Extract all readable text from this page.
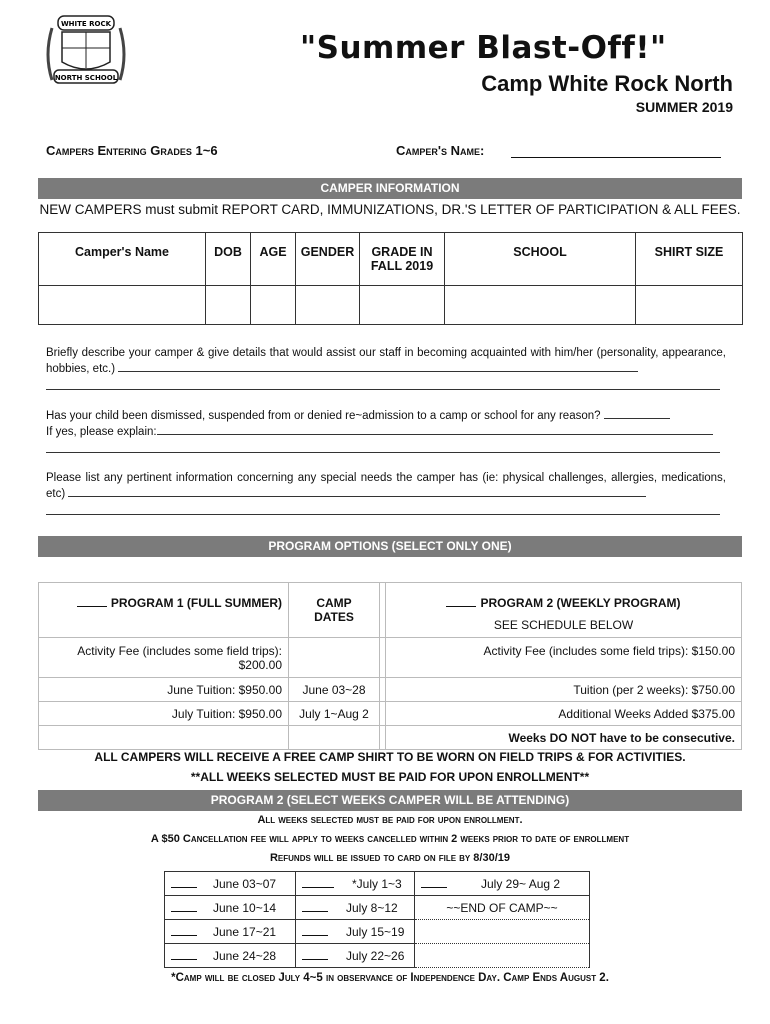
WHITE ROCK
NORTH SCHOOL
"Summer Blast-Off!"
Camp White Rock North
SUMMER 2019
Campers Entering Grades 1~6	Camper's Name:
CAMPER INFORMATION
NEW CAMPERS must submit REPORT CARD, IMMUNIZATIONS, DR.'S LETTER OF PARTICIPATION & ALL FEES.
Camper's Name	DOB	AGE	GENDER	GRADE IN FALL 2019	SCHOOL	SHIRT SIZE

Briefly describe your camper & give details that would assist our staff in becoming acquainted with him/her (personality, appearance, hobbies, etc.)
Has your child been dismissed, suspended from or denied re~admission to a camp or school for any reason?
If yes, please explain:
Please list any pertinent information concerning any special needs the camper has (ie: physical challenges, allergies, medications, etc)
PROGRAM OPTIONS (SELECT ONLY ONE)
PROGRAM 1 (FULL SUMMER)	CAMP DATES		PROGRAM 2 (WEEKLY PROGRAM)
SEE SCHEDULE BELOW

Activity Fee (includes some field trips): $200.00			Activity Fee (includes some field trips): $150.00
June Tuition: $950.00	June 03~28		Tuition (per 2 weeks): $750.00
July Tuition: $950.00	July 1~Aug 2		Additional Weeks Added $375.00
			Weeks DO NOT have to be consecutive.
ALL CAMPERS WILL RECEIVE A FREE CAMP SHIRT TO BE WORN ON FIELD TRIPS & FOR ACTIVITIES.
**ALL WEEKS SELECTED MUST BE PAID FOR UPON ENROLLMENT**
PROGRAM 2 (SELECT WEEKS CAMPER WILL BE ATTENDING)
All weeks selected must be paid for upon enrollment.
A $50 Cancellation fee will apply to weeks cancelled within 2 weeks prior to date of enrollment
Refunds will be issued to card on file by 8/30/19
June 03~07	*July 1~3	July 29~ Aug 2
June 10~14	July 8~12	~~END OF CAMP~~
June 17~21	July 15~19	
June 24~28	July 22~26	
*Camp will be closed July 4~5 in observance of Independence Day. Camp Ends August 2.
